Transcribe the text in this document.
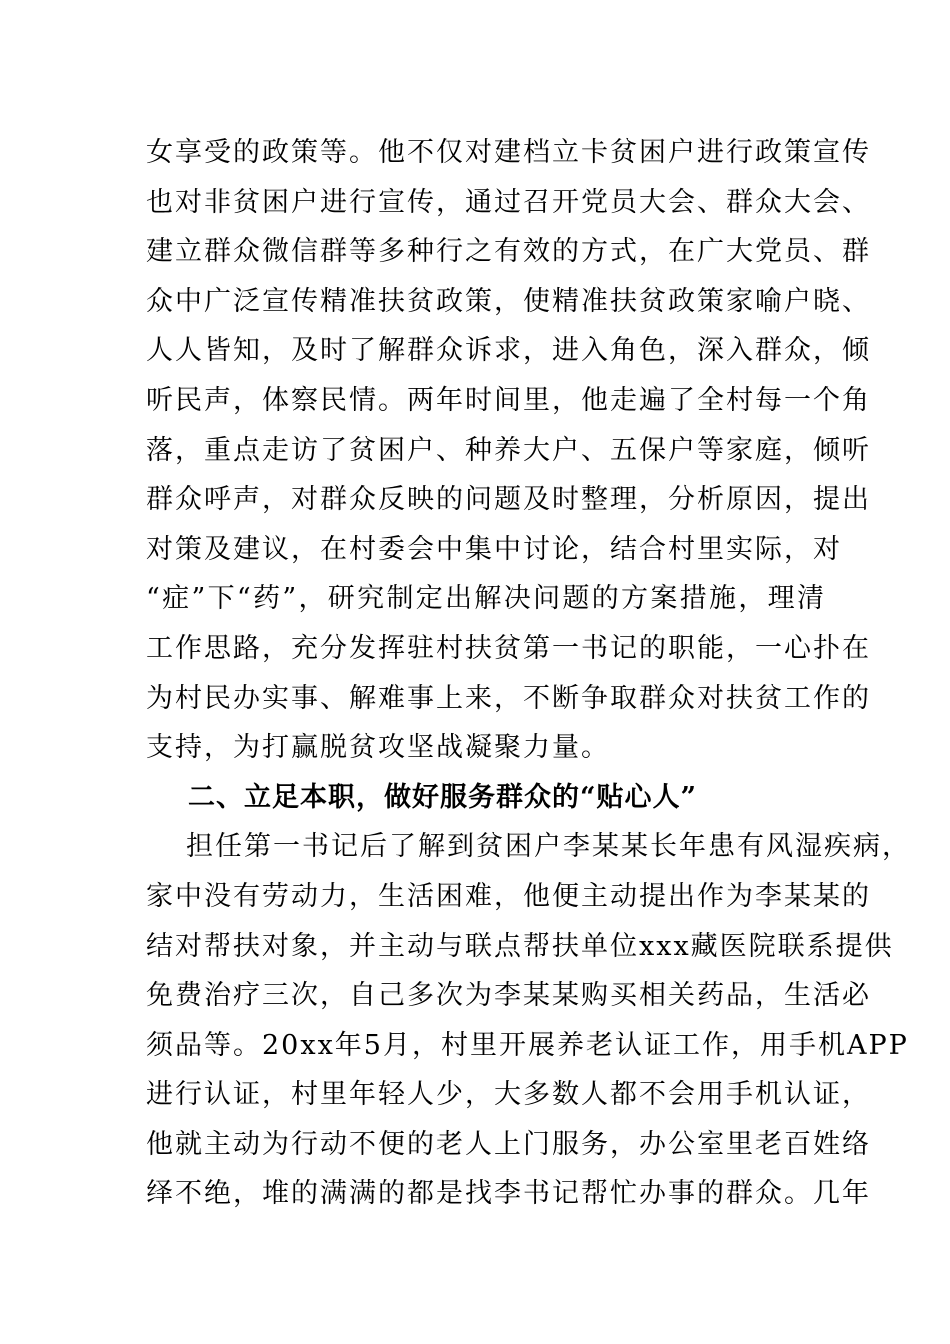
女享受的政策等。他不仅对建档立卡贫困户进行政策宣传
也对非贫困户进行宣传，通过召开党员大会、群众大会、
建立群众微信群等多种行之有效的方式，在广大党员、群
众中广泛宣传精准扶贫政策，使精准扶贫政策家喻户晓、
人人皆知，及时了解群众诉求，进入角色，深入群众，倾
听民声，体察民情。两年时间里，他走遍了全村每一个角
落，重点走访了贫困户、种养大户、五保户等家庭，倾听
群众呼声，对群众反映的问题及时整理，分析原因，提出
对策及建议，在村委会中集中讨论，结合村里实际，对
“症”下“药”，研究制定出解决问题的方案措施，理清
工作思路，充分发挥驻村扶贫第一书记的职能，一心扑在
为村民办实事、解难事上来，不断争取群众对扶贫工作的
支持，为打赢脱贫攻坚战凝聚力量。
二、立足本职，做好服务群众的“贴心人”
担任第一书记后了解到贫困户李某某长年患有风湿疾病，
家中没有劳动力，生活困难，他便主动提出作为李某某的
结对帮扶对象，并主动与联点帮扶单位xxx藏医院联系提供
免费治疗三次，自己多次为李某某购买相关药品，生活必
须品等。20xx年5月，村里开展养老认证工作，用手机APP
进行认证，村里年轻人少，大多数人都不会用手机认证，
他就主动为行动不便的老人上门服务，办公室里老百姓络
绎不绝，堆的满满的都是找李书记帮忙办事的群众。几年
